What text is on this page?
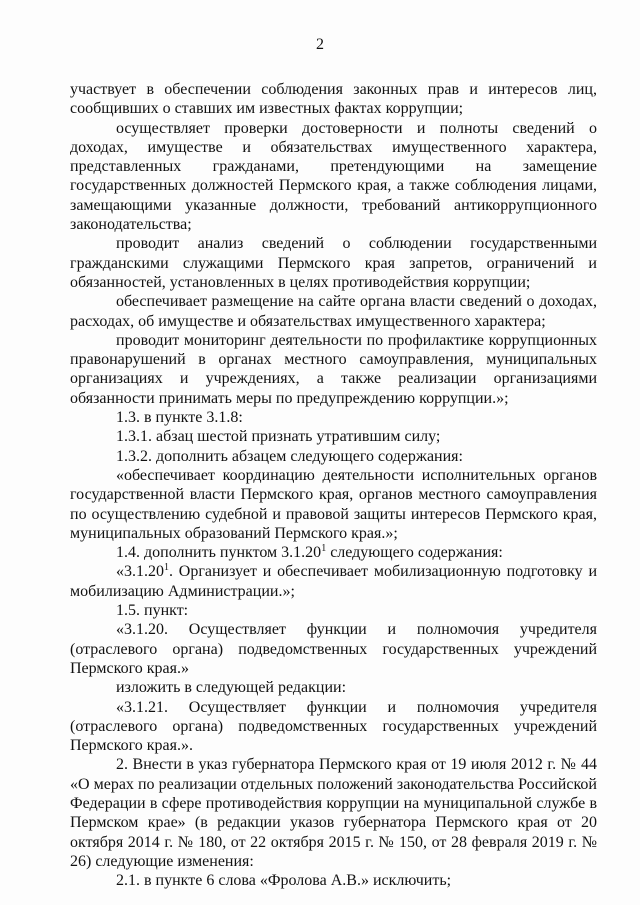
2

участвует в обеспечении соблюдения законных прав и интересов лиц, сообщивших о ставших им известных фактах коррупции;

осуществляет проверки достоверности и полноты сведений о доходах, имуществе и обязательствах имущественного характера, представленных гражданами, претендующими на замещение государственных должностей Пермского края, а также соблюдения лицами, замещающими указанные должности, требований антикоррупционного законодательства;

проводит анализ сведений о соблюдении государственными гражданскими служащими Пермского края запретов, ограничений и обязанностей, установленных в целях противодействия коррупции;

обеспечивает размещение на сайте органа власти сведений о доходах, расходах, об имуществе и обязательствах имущественного характера;

проводит мониторинг деятельности по профилактике коррупционных правонарушений в органах местного самоуправления, муниципальных организациях и учреждениях, а также реализации организациями обязанности принимать меры по предупреждению коррупции.»;

1.3. в пункте 3.1.8:

1.3.1. абзац шестой признать утратившим силу;

1.3.2. дополнить абзацем следующего содержания:

«обеспечивает координацию деятельности исполнительных органов государственной власти Пермского края, органов местного самоуправления по осуществлению судебной и правовой защиты интересов Пермского края, муниципальных образований Пермского края.»;

1.4. дополнить пунктом 3.1.20$^1$ следующего содержания:

«3.1.20$^1$. Организует и обеспечивает мобилизационную подготовку и мобилизацию Администрации.»;

1.5. пункт:

«3.1.20. Осуществляет функции и полномочия учредителя (отраслевого органа) подведомственных государственных учреждений Пермского края.»

изложить в следующей редакции:

«3.1.21. Осуществляет функции и полномочия учредителя (отраслевого органа) подведомственных государственных учреждений Пермского края.».

2. Внести в указ губернатора Пермского края от 19 июля 2012 г. № 44 «О мерах по реализации отдельных положений законодательства Российской Федерации в сфере противодействия коррупции на муниципальной службе в Пермском крае» (в редакции указов губернатора Пермского края от 20 октября 2014 г. № 180, от 22 октября 2015 г. № 150, от 28 февраля 2019 г. № 26) следующие изменения:

2.1. в пункте 6 слова «Фролова А.В.» исключить;
